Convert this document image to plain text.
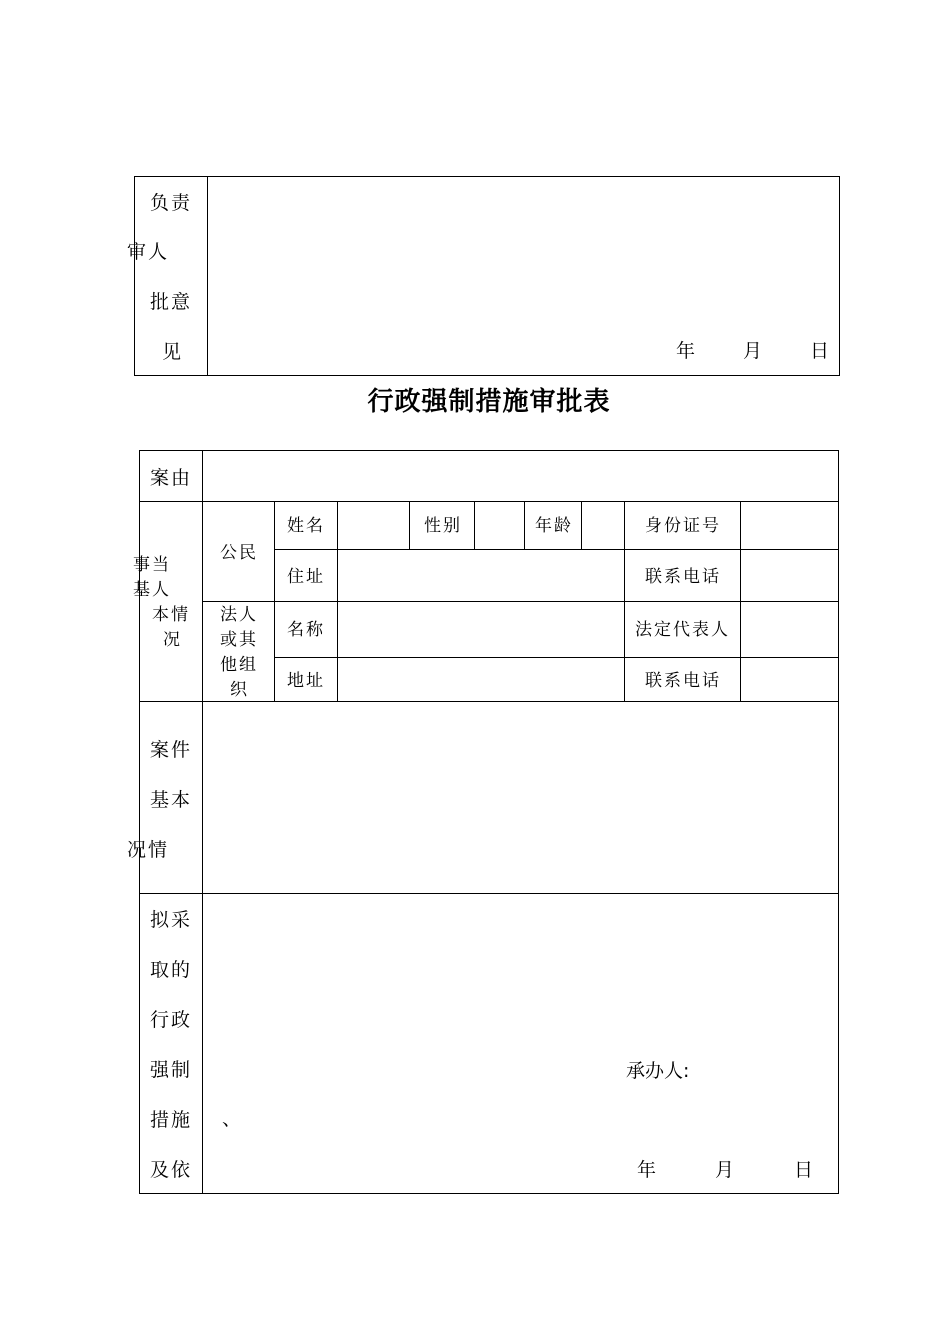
负责
审人
批意
见	年 月 日
行政强制措施审批表
案由
事当
基人
本情
况
公民
姓名	性别	年龄	身份证号
住址	联系电话
法人
或其
他组
织
名称	法定代表人
地址	联系电话
案件
基本
况情
拟采
取的
行政
强制
措施
及依
、
承办人:
年	月	日
